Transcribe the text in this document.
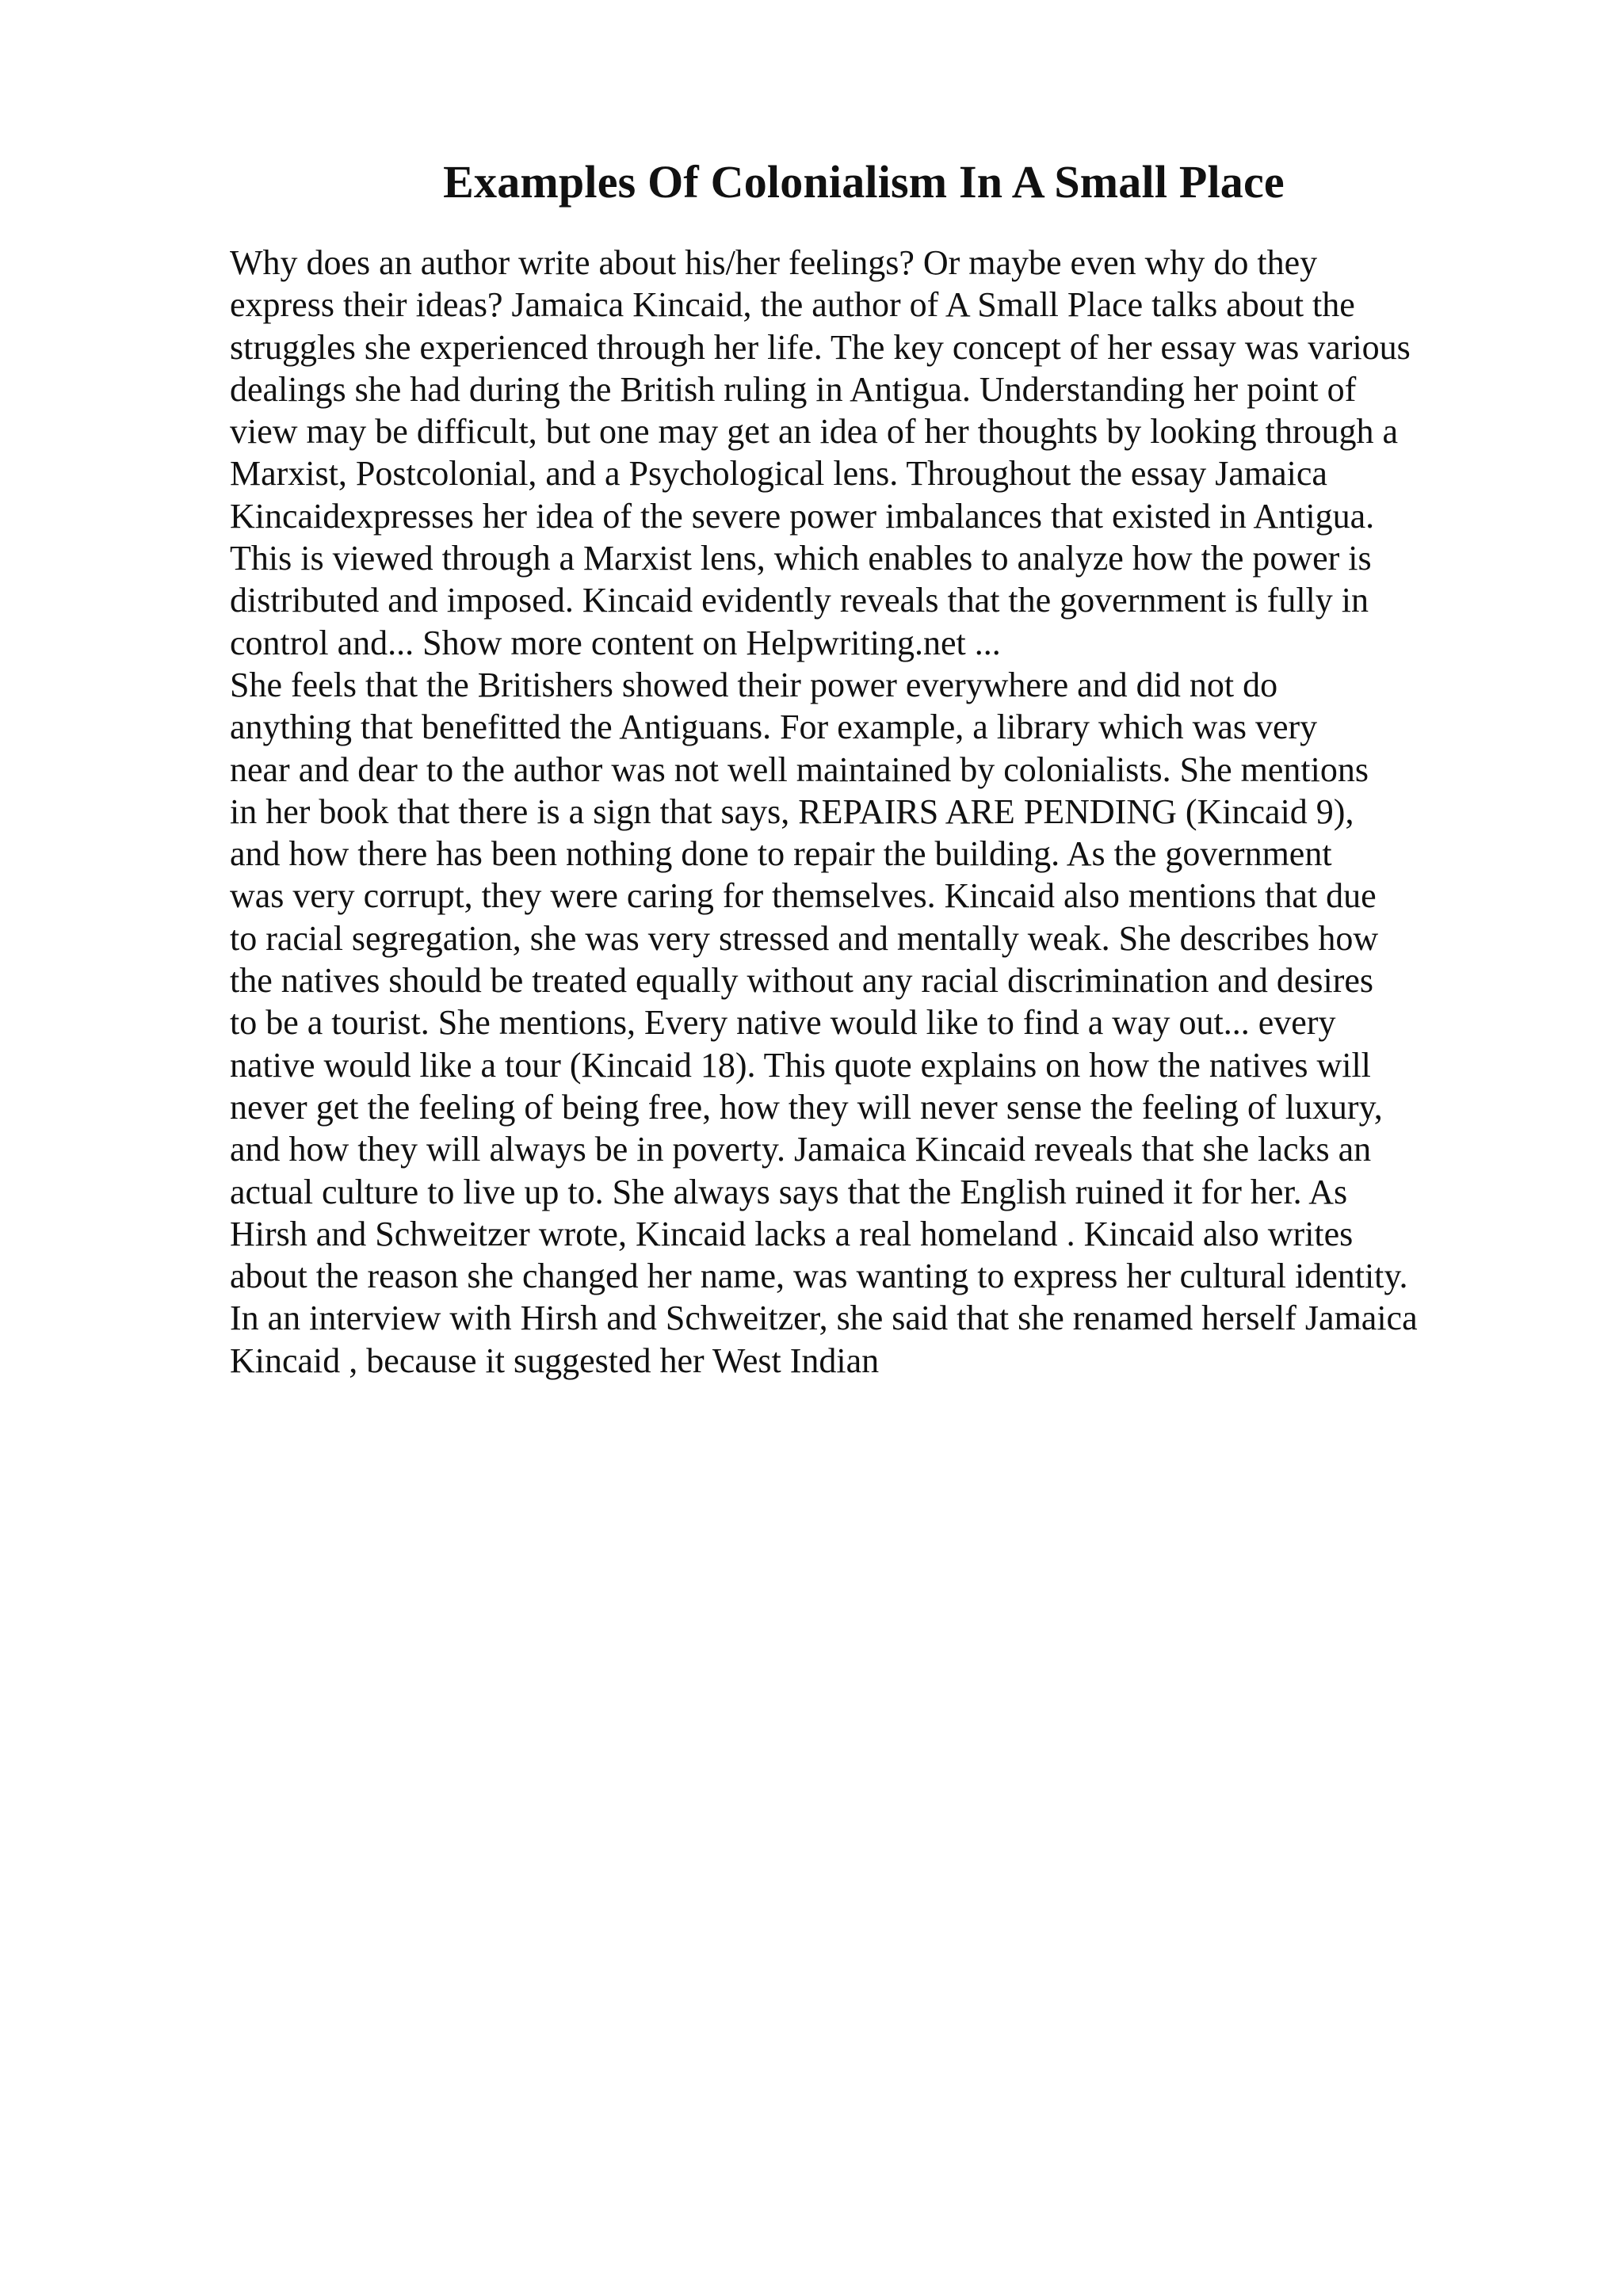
Examples Of Colonialism In A Small Place
Why does an author write about his/her feelings? Or maybe even why do they
express their ideas? Jamaica Kincaid, the author of A Small Place talks about the
struggles she experienced through her life. The key concept of her essay was various
dealings she had during the British ruling in Antigua. Understanding her point of
view may be difficult, but one may get an idea of her thoughts by looking through a
Marxist, Postcolonial, and a Psychological lens. Throughout the essay Jamaica
Kincaidexpresses her idea of the severe power imbalances that existed in Antigua.
This is viewed through a Marxist lens, which enables to analyze how the power is
distributed and imposed. Kincaid evidently reveals that the government is fully in
control and... Show more content on Helpwriting.net ...
She feels that the Britishers showed their power everywhere and did not do
anything that benefitted the Antiguans. For example, a library which was very
near and dear to the author was not well maintained by colonialists. She mentions
in her book that there is a sign that says, REPAIRS ARE PENDING (Kincaid 9),
and how there has been nothing done to repair the building. As the government
was very corrupt, they were caring for themselves. Kincaid also mentions that due
to racial segregation, she was very stressed and mentally weak. She describes how
the natives should be treated equally without any racial discrimination and desires
to be a tourist. She mentions, Every native would like to find a way out... every
native would like a tour (Kincaid 18). This quote explains on how the natives will
never get the feeling of being free, how they will never sense the feeling of luxury,
and how they will always be in poverty. Jamaica Kincaid reveals that she lacks an
actual culture to live up to. She always says that the English ruined it for her. As
Hirsh and Schweitzer wrote, Kincaid lacks a real homeland . Kincaid also writes
about the reason she changed her name, was wanting to express her cultural identity.
In an interview with Hirsh and Schweitzer, she said that she renamed herself Jamaica
Kincaid , because it suggested her West Indian
